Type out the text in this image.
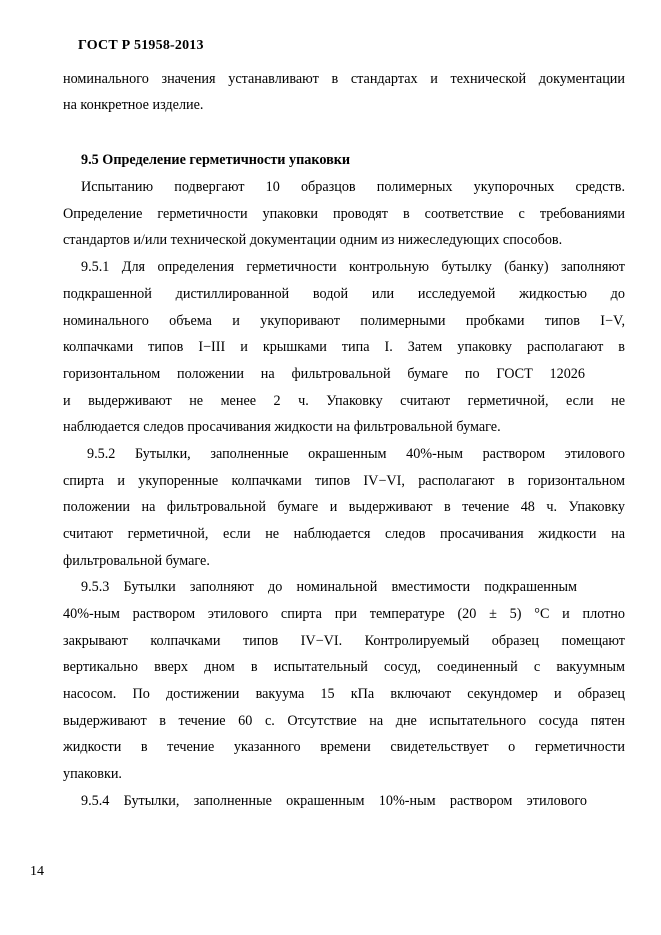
ГОСТ Р 51958-2013
номинального значения устанавливают в стандартах и технической документации
на конкретное изделие.
9.5 Определение герметичности упаковки
Испытанию подвергают 10 образцов полимерных укупорочных средств.
Определение герметичности упаковки проводят в соответствие с требованиями
стандартов и/или технической документации одним из нижеследующих способов.
9.5.1 Для определения герметичности контрольную бутылку (банку) заполняют
подкрашенной дистиллированной водой или исследуемой жидкостью до
номинального объема и укупоривают полимерными пробками типов I−V,
колпачками типов I−III и крышками типа I. Затем упаковку располагают в
горизонтальном положении на фильтровальной бумаге по ГОСТ 12026
и выдерживают не менее 2 ч. Упаковку считают герметичной, если не
наблюдается следов просачивания жидкости на фильтровальной бумаге.
9.5.2 Бутылки, заполненные окрашенным 40%-ным раствором этилового
спирта и укупоренные колпачками типов IV−VI, располагают в горизонтальном
положении на фильтровальной бумаге и выдерживают в течение 48 ч. Упаковку
считают герметичной, если не наблюдается следов просачивания жидкости на
фильтровальной бумаге.
9.5.3 Бутылки заполняют до номинальной вместимости подкрашенным
40%-ным раствором этилового спирта при температуре (20 ± 5) °С и плотно
закрывают колпачками типов IV−VI. Контролируемый образец помещают
вертикально вверх дном в испытательный сосуд, соединенный с вакуумным
насосом. По достижении вакуума 15 кПа включают секундомер и образец
выдерживают в течение 60 с. Отсутствие на дне испытательного сосуда пятен
жидкости в течение указанного времени свидетельствует о герметичности
упаковки.
9.5.4 Бутылки, заполненные окрашенным 10%-ным раствором этилового
14
